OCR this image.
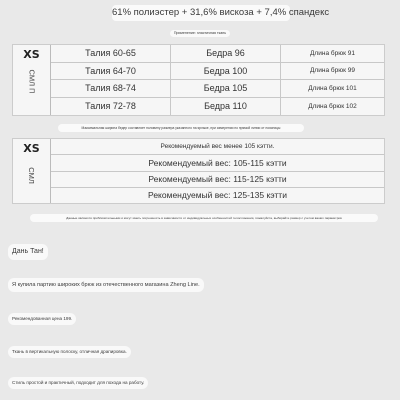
61% полиэстер + 31,6% вискоза + 7,4% спандекс
Применение: эластичная ткань
XS
СМЛ П
Талия 60-65	Бедра 96	Длина брюк 91
Талия 64-70	Бедра 100	Длина брюк 99
Талия 68-74	Бедра 105	Длина брюк 101
Талия 72-78	Бедра 110	Длина брюк 102
Максимальная ширина бедер составляет половину размера указанного на ярлыке, при измерении по прямой линии от поясницы
XS
СМЛ
Рекомендуемый вес менее 105 кэтти.
Рекомендуемый вес: 105-115 кэтти
Рекомендуемый вес: 115-125 кэтти
Рекомендуемый вес: 125-135 кэтти
Данные являются приблизительными и могут иметь погрешность в зависимости от индивидуальных особенностей телосложения, пожалуйста, выбирайте размер с учетом ваших параметров
Дань Тан!
Я купила партию широких брюк из отечественного магазина Zheng Line.
Рекомендованная цена 199.
Ткань в вертикальную полоску, отличная драпировка.
Стиль простой и практичный, подходит для похода на работу.
